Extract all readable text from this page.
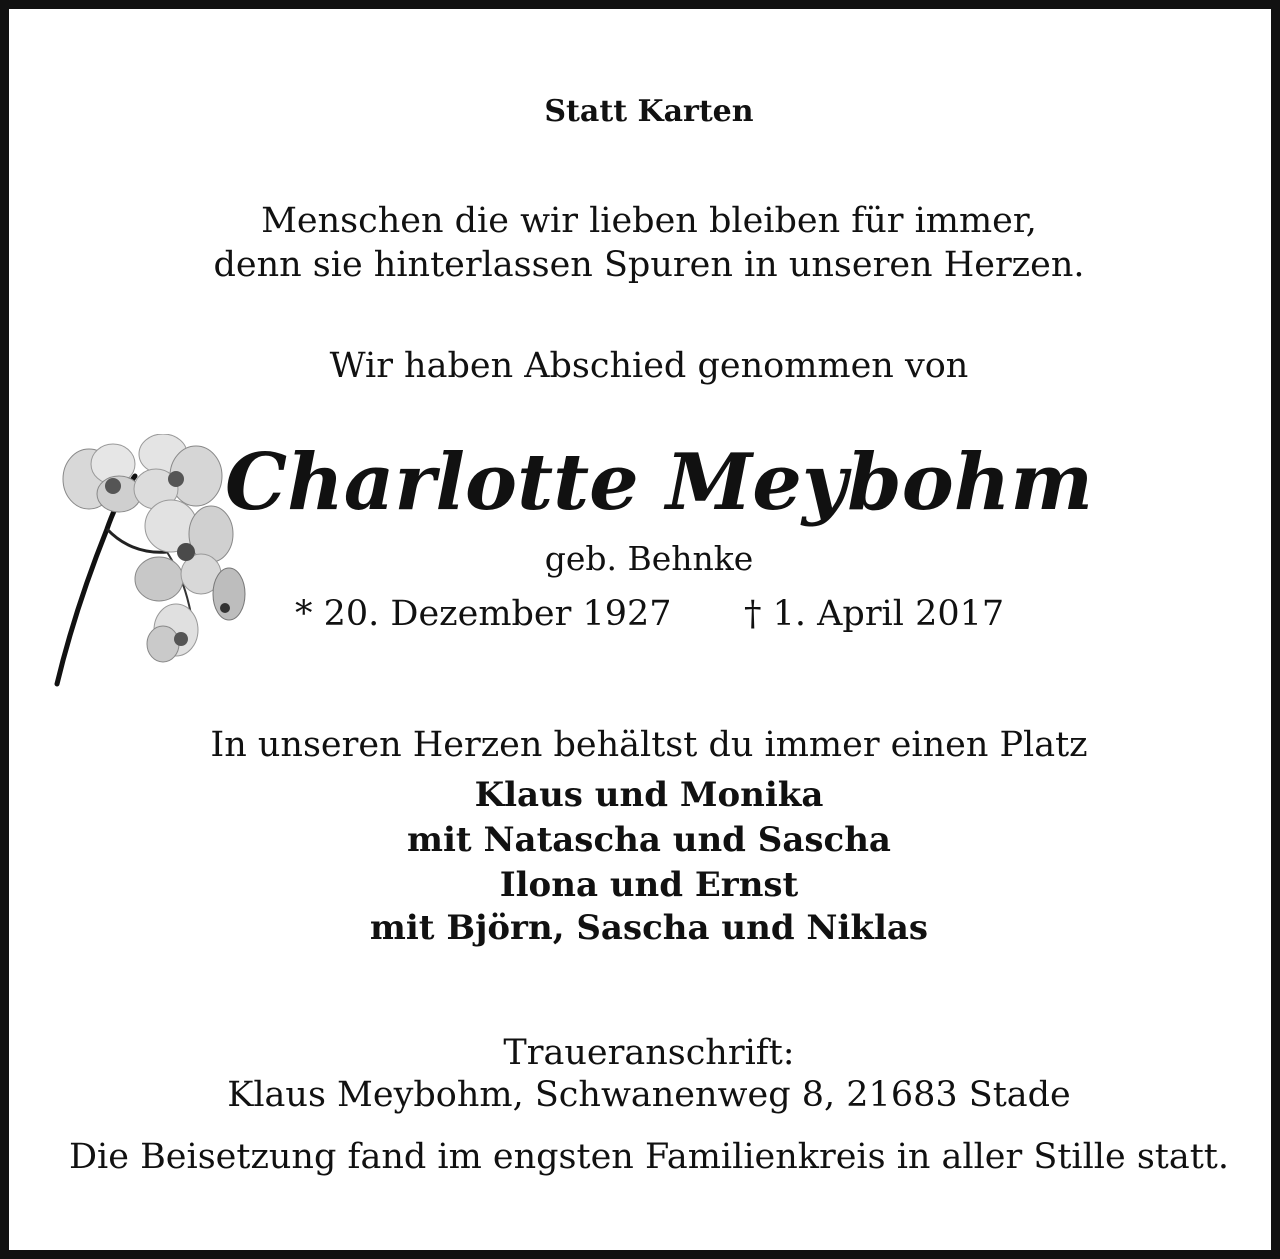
Statt Karten
Menschen die wir lieben bleiben für immer,
denn sie hinterlassen Spuren in unseren Herzen.
Wir haben Abschied genommen von
Charlotte Meybohm
geb. Behnke
* 20. Dezember 1927 † 1. April 2017
In unseren Herzen behältst du immer einen Platz
Klaus und Monika
mit Natascha und Sascha
Ilona und Ernst
mit Björn, Sascha und Niklas
Traueranschrift:
Klaus Meybohm, Schwanenweg 8, 21683 Stade
Die Beisetzung fand im engsten Familienkreis in aller Stille statt.
